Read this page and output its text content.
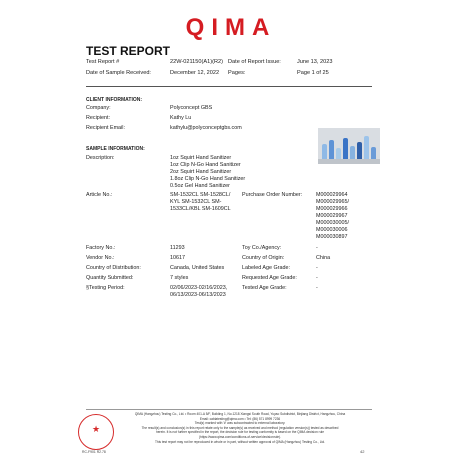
QIMA
TEST REPORT
Test Report #	22W-021150(A1)(R2) Date of Report Issue:	June 13, 2023
Date of Sample Received:	December 12, 2022 Pages:	Page 1 of 25
CLIENT INFORMATION:
Company:	Polyconcept GBS
Recipient:	Kathy Lu
Recipient Email:	kathylu@polyconceptgbs.com
SAMPLE INFORMATION:
Description:	1oz Squirt Hand Sanitizer
1oz Clip N-Go Hand Sanitizer
2oz Squirt Hand Sanitizer
1.8oz Clip N-Go Hand Sanitizer
0.5oz Gel Hand Sanitizer
Article No.:	SM-1532CL SM-1528CL/
KYL SM-1532CL SM-
1533CL/KBL SM-1609CL
Purchase Order Number:	M000029964
M000029965/
M000029966
M000029967
M000030005/
M000030006
M000030897
Factory No.:	11293	Toy Co./Agency:	-
Vendor No.:	10617	Country of Origin:	China
Country of Distribution:	Canada, United States	Labeled Age Grade:	-
Quantity Submitted:	7 styles	Requested Age Grade:	-
§Testing Period:	02/06/2023-02/16/2023,
06/13/2023-06/13/2023
Tested Age Grade:	-
QIMA (Hangzhou) Testing Co., Ltd. • Room 401-A 5/F, Building 1, No.1218 Xiangsi South Road, Yuyao Subdistrict, Binjiang District, Hangzhou, China
Email: cablatesting@qima.com • Tel: (86) 571 8999 7236
Test(s) marked with '#' was subcontracted to external laboratory.
The result(s) and conclusion(s) in this report relate only to the sample(s) as received and method (regulation version(s)) tested as described
herein. It is not further specified in the report, the decision rule for testing conformity is based on the QIMA decision rule
(https://www.qima.com/conditions-of-service/decisionrule).
This test report may not be reproduced in whole or in part, without written approval of QIMA (Hangzhou) Testing Co., Ltd.
★
RC-F901 R2.78	42
